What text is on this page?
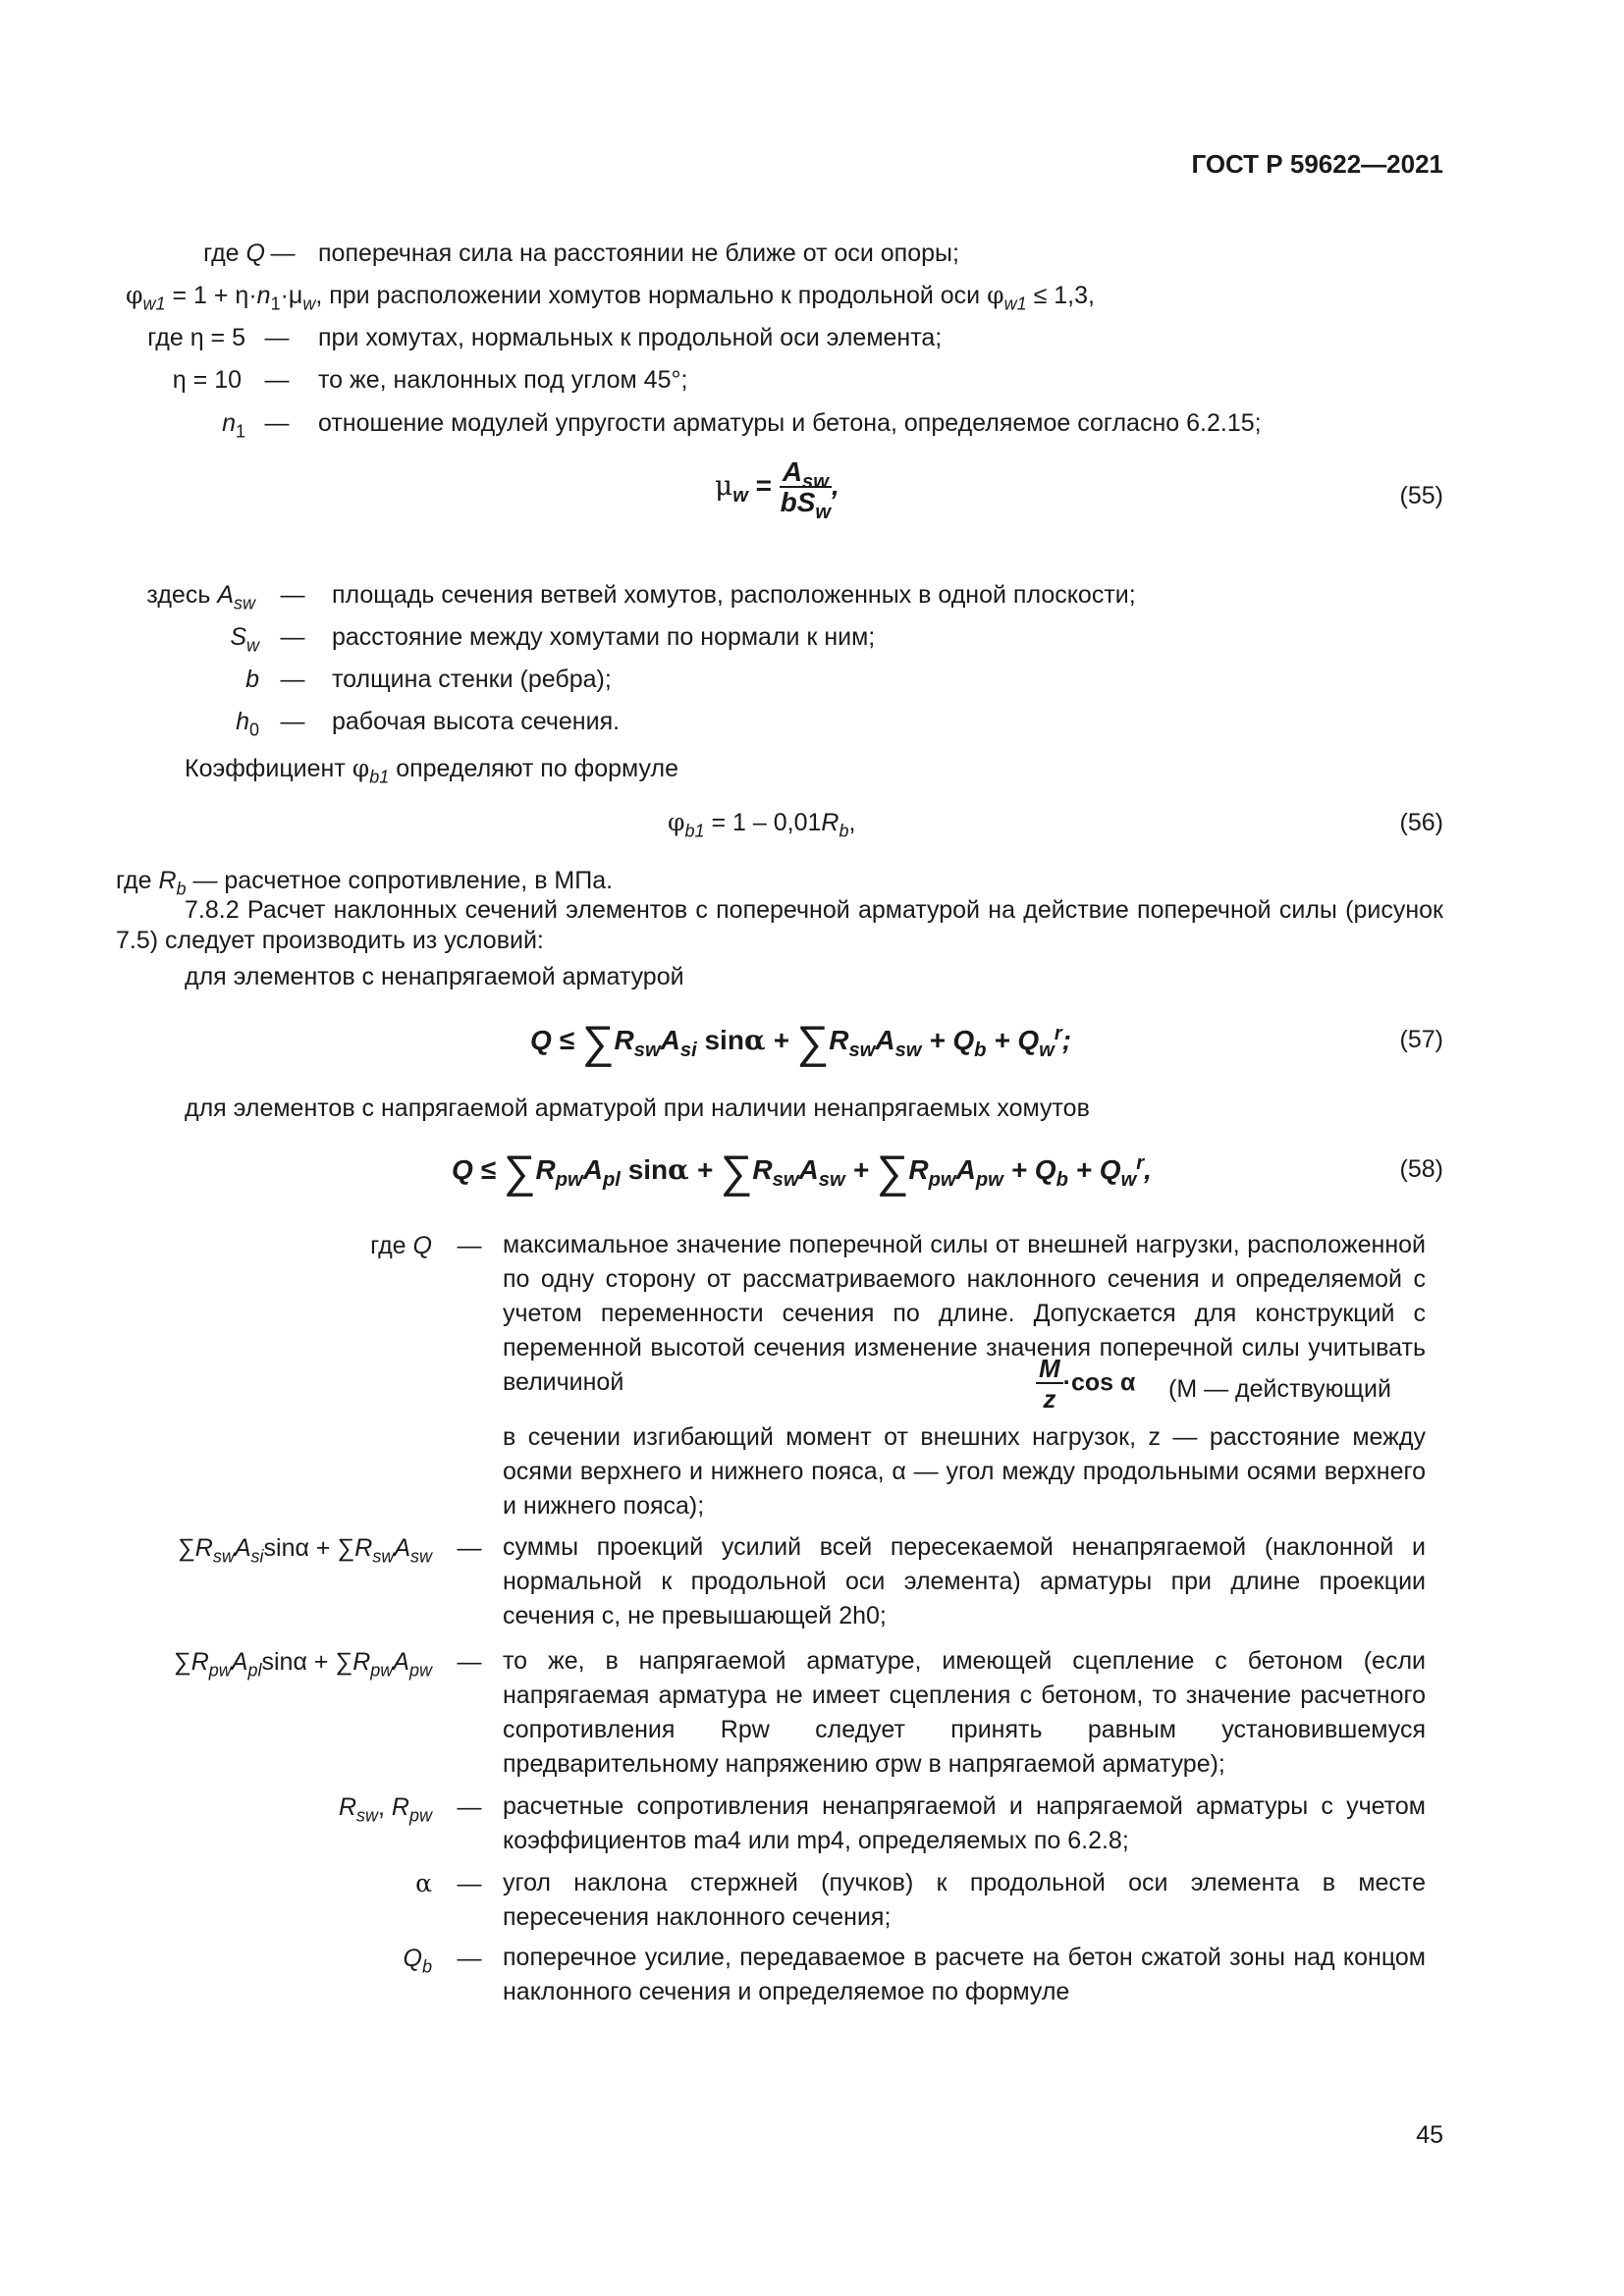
ГОСТ Р 59622—2021
где Q — поперечная сила на расстоянии не ближе от оси опоры;
$\varphi_{w1} = 1 + \eta\cdot n_1\cdot\mu_w$, при расположении хомутов нормально к продольной оси $\varphi_{w1} \le 1,3$,
где η = 5 —	при хомутах, нормальных к продольной оси элемента;
η = 10 —	то же, наклонных под углом 45°;
$n_1$ —	отношение модулей упругости арматуры и бетона, определяемое согласно 6.2.15;
$\mu_w = \frac{A_{sw}}{bS_w}$ ,	(55)
здесь $A_{sw}$	—	площадь сечения ветвей хомутов, расположенных в одной плоскости;
$S_w$ —	расстояние между хомутами по нормали к ним;
b —	толщина стенки (ребра);
$h_0$ —	рабочая высота сечения.
Коэффициент $\varphi_{b1}$ определяют по формуле
$\varphi_{b1} = 1 - 0,01R_b$,	(56)
где $R_b$ — расчетное сопротивление, в МПа.
7.8.2 Расчет наклонных сечений элементов с поперечной арматурой на действие поперечной силы (рисунок 7.5) следует производить из условий:
для элементов с ненапрягаемой арматурой
$Q \le \sum R_{sw}A_{si}$ $\sin\alpha + \sum R_{sw}A_{sw} + Q_b + Q_w^r$;	(57)
для элементов с напрягаемой арматурой при наличии ненапрягаемых хомутов
$Q \le \sum R_{pw}A_{pl}$ $\sin\alpha + \sum R_{sw}A_{sw} + \sum R_{pw}A_{pw} + Q_b + Q_w^r$,	(58)
где Q	— максимальное значение поперечной силы от внешней нагрузки, расположенной по одну сторону от рассматриваемого наклонного сечения и определяемой с учетом переменности сечения по длине. Допускается для конструкций с переменной высотой сечения изменение значения поперечной силы учитывать величиной	$\frac{M}{z} \cdot\cos$ α (M — действующий
в сечении изгибающий момент от внешних нагрузок, z — расстояние между осями верхнего и нижнего пояса, α — угол между продольными осями верхнего и нижнего пояса);
$\sum R_{sw}A_{si}\sin\alpha + \sum R_{sw}A_{sw}$	— суммы проекций усилий всей пересекаемой ненапрягаемой (наклонной и нормальной к продольной оси элемента) арматуры при длине проекции сечения c, не превышающей 2h0;
$\sum R_{pw}A_{pl}\sin\alpha + \sum R_{pw}A_{pw}$	— то же, в напрягаемой арматуре, имеющей сцепление с бетоном (если напрягаемая арматура не имеет сцепления с бетоном, то значение расчетного сопротивления Rpw следует принять равным установившемуся предварительному напряжению σpw в напрягаемой арматуре);
$R_{sw}$, $R_{pw}$	— расчетные сопротивления ненапрягаемой и напрягаемой арматуры с учетом коэффициентов ma4 или mp4, определяемых по 6.2.8;
α	— угол наклона стержней (пучков) к продольной оси элемента в месте пересечения наклонного сечения;
$Q_b$	— поперечное усилие, передаваемое в расчете на бетон сжатой зоны над концом наклонного сечения и определяемое по формуле
45
